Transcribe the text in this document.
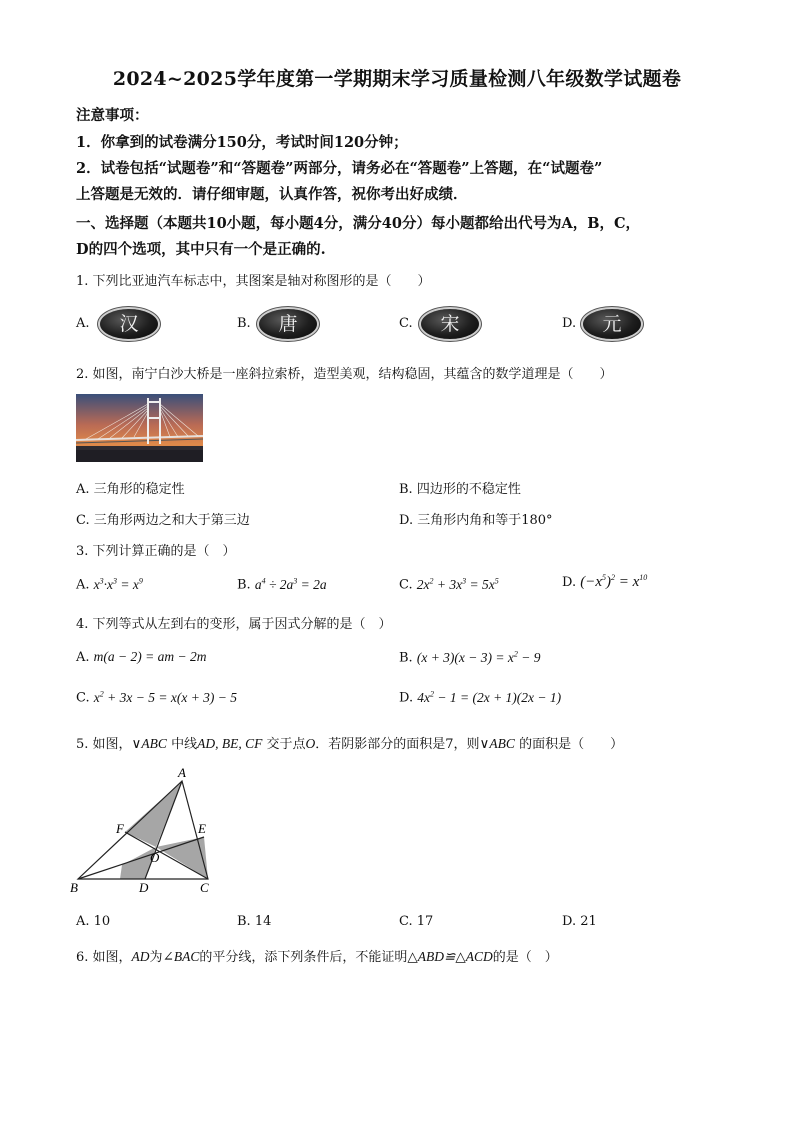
2024~2025学年度第一学期期末学习质量检测八年级数学试题卷
注意事项：
1．你拿到的试卷满分150分，考试时间120分钟；
2．试卷包括“试题卷”和“答题卷”两部分，请务必在“答题卷”上答题，在“试题卷”
上答题是无效的．请仔细审题，认真作答，祝你考出好成绩．
一、选择题（本题共10小题，每小题4分，满分40分）每小题都给出代号为A，B，C，
D的四个选项，其中只有一个是正确的.
1. 下列比亚迪汽车标志中，其图案是轴对称图形的是（　　）
A.	汉	B.	唐	C.	宋	D.	元
2. 如图，南宁白沙大桥是一座斜拉索桥，造型美观，结构稳固，其蕴含的数学道理是（　　）
A. 三角形的稳定性	B. 四边形的不稳定性
C. 三角形两边之和大于第三边	D. 三角形内角和等于180°
3. 下列计算正确的是（　）
A. $x^3\cdot x^3 = x^9$	B. $a^4 \div 2a^3 = 2a$	C. $2x^2 + 3x^3 = 5x^5$	D. $(-x^5)^2 = x^{10}$
4. 下列等式从左到右的变形，属于因式分解的是（　）
A. m(a − 2) = am − 2m	B. $(x + 3)(x - 3) = x^2 - 9$
C. $x^2 + 3x - 5 = x(x + 3) - 5$	D. $4x^2 - 1 = (2x + 1)(2x - 1)$
5. 如图，∨ABC 中线AD, BE, CF 交于点O．若阴影部分的面积是7，则∨ABC 的面积是（　　）
A
B	C
D
E
F
O
A. 10	B. 14	C. 17	D. 21
6. 如图，AD为∠BAC的平分线，添下列条件后，不能证明△ABD≌△ACD的是（　）
